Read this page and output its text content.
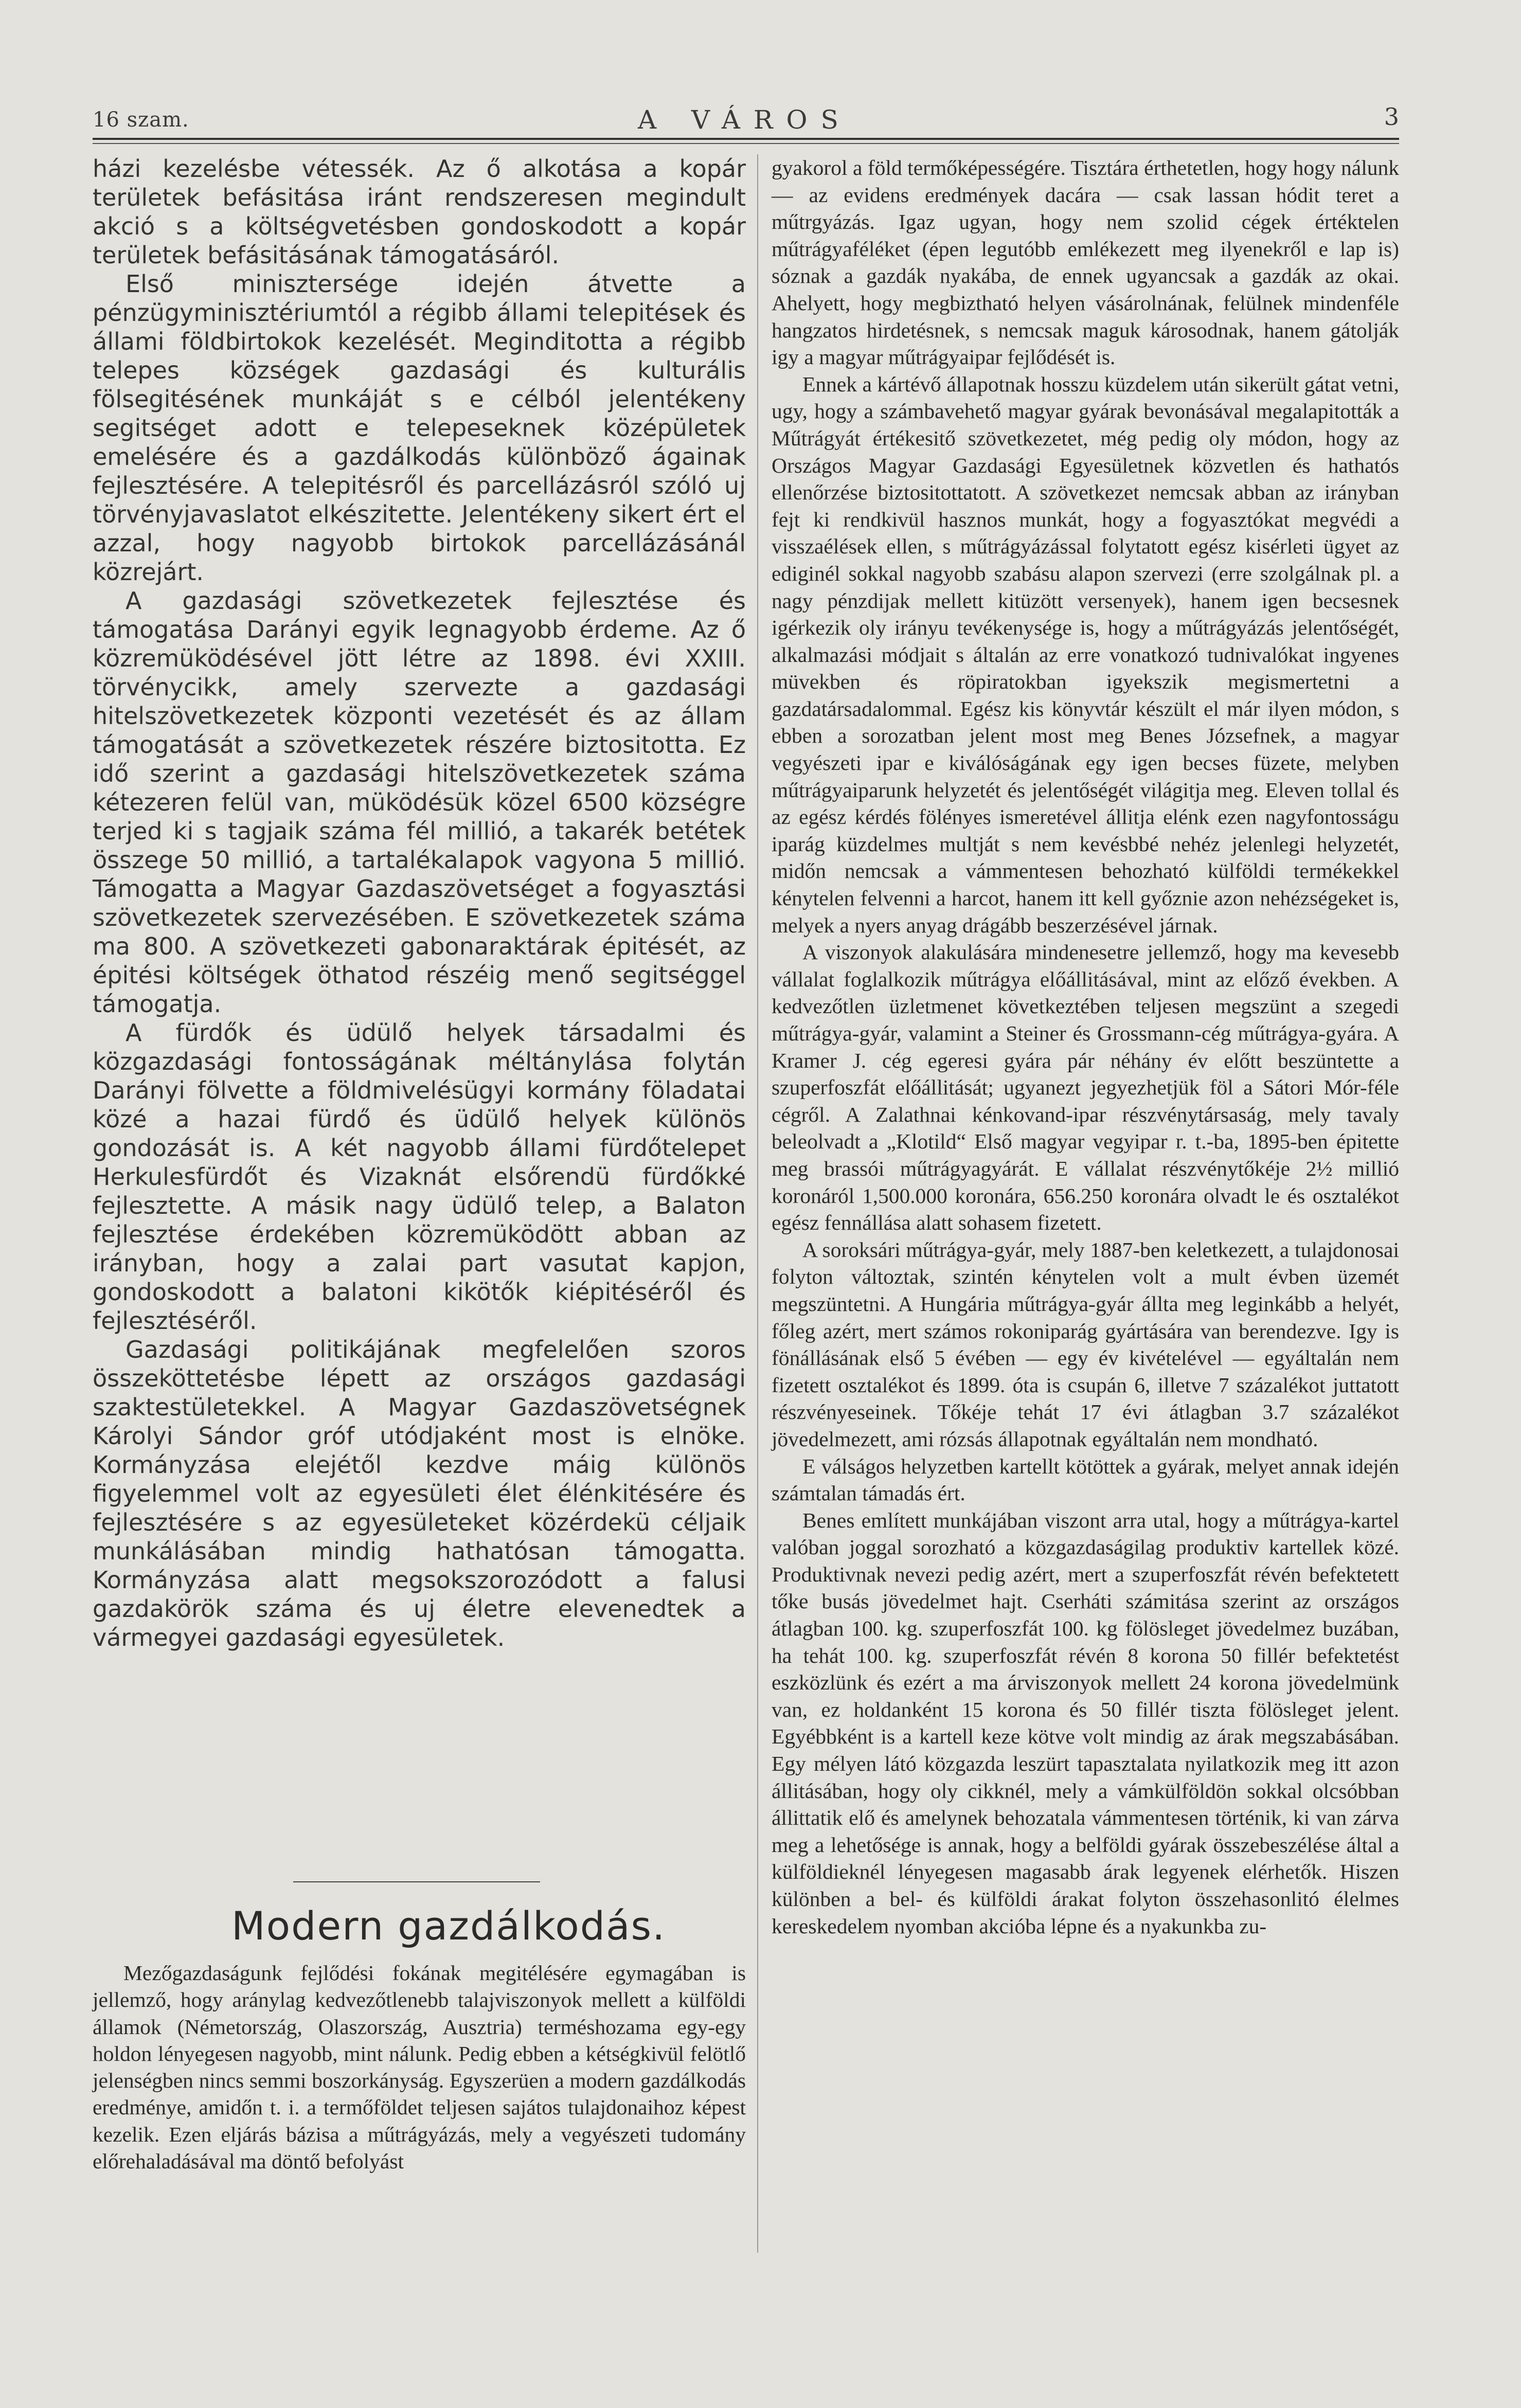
16 szam.	A VÁROS	3

házi kezelésbe vétessék. Az ő alkotása a kopár területek befásitása iránt rendszeresen megindult akció s a költségvetésben gondoskodott a kopár területek befásitásának támogatásáról.

Első minisztersége idején átvette a pénzügyminisztériumtól a régibb állami telepitések és állami földbirtokok kezelését. Meginditotta a régibb telepes községek gazdasági és kulturális fölsegitésének munkáját s e célból jelentékeny segitséget adott e telepeseknek középületek emelésére és a gazdálkodás különböző ágainak fejlesztésére. A telepitésről és parcellázásról szóló uj törvényjavaslatot elkészitette. Jelentékeny sikert ért el azzal, hogy nagyobb birtokok parcellázásánál közrejárt.

A gazdasági szövetkezetek fejlesztése és támogatása Darányi egyik legnagyobb érdeme. Az ő közremüködésével jött létre az 1898. évi XXIII. törvénycikk, amely szervezte a gazdasági hitelszövetkezetek központi vezetését és az állam támogatását a szövetkezetek részére biztositotta. Ez idő szerint a gazdasági hitelszövetkezetek száma kétezeren felül van, müködésük közel 6500 községre terjed ki s tagjaik száma fél millió, a takarék betétek összege 50 millió, a tartalékalapok vagyona 5 millió. Támogatta a Magyar Gazdaszövetséget a fogyasztási szövetkezetek szervezésében. E szövetkezetek száma ma 800. A szövetkezeti gabonaraktárak épitését, az épitési költségek öthatod részéig menő segitséggel támogatja.

A fürdők és üdülő helyek társadalmi és közgazdasági fontosságának méltánylása folytán Darányi fölvette a földmivelésügyi kormány föladatai közé a hazai fürdő és üdülő helyek különös gondozását is. A két nagyobb állami fürdőtelepet Herkulesfürdőt és Vizaknát elsőrendü fürdőkké fejlesztette. A másik nagy üdülő telep, a Balaton fejlesztése érdekében közremüködött abban az irányban, hogy a zalai part vasutat kapjon, gondoskodott a balatoni kikötők kiépitéséről és fejlesztéséről.

Gazdasági politikájának megfelelően szoros összeköttetésbe lépett az országos gazdasági szaktestületekkel. A Magyar Gazdaszövetségnek Károlyi Sándor gróf utódjaként most is elnöke. Kormányzása elejétől kezdve máig különös figyelemmel volt az egyesületi élet élénkitésére és fejlesztésére s az egyesületeket közérdekü céljaik munkálásában mindig hathatósan támogatta. Kormányzása alatt megsokszorozódott a falusi gazdakörök száma és uj életre elevenedtek a vármegyei gazdasági egyesületek.

Modern gazdálkodás.

Mezőgazdaságunk fejlődési fokának megitélésére egymagában is jellemző, hogy aránylag kedvezőtlenebb talajviszonyok mellett a külföldi államok (Németország, Olaszország, Ausztria) terméshozama egy-egy holdon lényegesen nagyobb, mint nálunk. Pedig ebben a kétségkivül felötlő jelenségben nincs semmi boszorkányság. Egyszerüen a modern gazdálkodás eredménye, amidőn t. i. a termőföldet teljesen sajátos tulajdonaihoz képest kezelik. Ezen eljárás bázisa a műtrágyázás, mely a vegyészeti tudomány előrehaladásával ma döntő befolyást

gyakorol a föld termőképességére. Tisztára érthetetlen, hogy hogy nálunk — az evidens eredmények dacára — csak lassan hódit teret a műtrgyázás. Igaz ugyan, hogy nem szolid cégek értéktelen műtrágyaféléket (épen legutóbb emlékezett meg ilyenekről e lap is) sóznak a gazdák nyakába, de ennek ugyancsak a gazdák az okai. Ahelyett, hogy megbiztható helyen vásárolnának, felülnek mindenféle hangzatos hirdetésnek, s nemcsak maguk károsodnak, hanem gátolják igy a magyar műtrágyaipar fejlődését is.

Ennek a kártévő állapotnak hosszu küzdelem után sikerült gátat vetni, ugy, hogy a számbavehető magyar gyárak bevonásával megalapitották a Műtrágyát értékesitő szövetkezetet, még pedig oly módon, hogy az Országos Magyar Gazdasági Egyesületnek közvetlen és hathatós ellenőrzése biztositottatott. A szövetkezet nemcsak abban az irányban fejt ki rendkivül hasznos munkát, hogy a fogyasztókat megvédi a visszaélések ellen, s műtrágyázással folytatott egész kisérleti ügyet az ediginél sokkal nagyobb szabásu alapon szervezi (erre szolgálnak pl. a nagy pénzdijak mellett kitüzött versenyek), hanem igen becsesnek igérkezik oly irányu tevékenysége is, hogy a műtrágyázás jelentőségét, alkalmazási módjait s általán az erre vonatkozó tudnivalókat ingyenes müvekben és röpiratokban igyekszik megismertetni a gazdatársadalommal. Egész kis könyvtár készült el már ilyen módon, s ebben a sorozatban jelent most meg Benes Józsefnek, a magyar vegyészeti ipar e kiválóságának egy igen becses füzete, melyben műtrágyaiparunk helyzetét és jelentőségét világitja meg. Eleven tollal és az egész kérdés fölényes ismeretével állitja elénk ezen nagyfontosságu iparág küzdelmes multját s nem kevésbbé nehéz jelenlegi helyzetét, midőn nemcsak a vámmentesen behozható külföldi termékekkel kénytelen felvenni a harcot, hanem itt kell győznie azon nehézségeket is, melyek a nyers anyag drágább beszerzésével járnak.

A viszonyok alakulására mindenesetre jellemző, hogy ma kevesebb vállalat foglalkozik műtrágya előállitásával, mint az előző években. A kedvezőtlen üzletmenet következtében teljesen megszünt a szegedi műtrágya-gyár, valamint a Steiner és Grossmann-cég műtrágya-gyára. A Kramer J. cég egeresi gyára pár néhány év előtt beszüntette a szuperfoszfát előállitását; ugyanezt jegyezhetjük föl a Sátori Mór-féle cégről. A Zalathnai kénkovand-ipar részvénytársaság, mely tavaly beleolvadt a „Klotild“ Első magyar vegyipar r. t.-ba, 1895-ben épitette meg brassói műtrágyagyárát. E vállalat részvénytőkéje 2½ millió koronáról 1,500.000 koronára, 656.250 koronára olvadt le és osztalékot egész fennállása alatt sohasem fizetett.

A soroksári műtrágya-gyár, mely 1887-ben keletkezett, a tulajdonosai folyton változtak, szintén kénytelen volt a mult évben üzemét megszüntetni. A Hungária műtrágya-gyár állta meg leginkább a helyét, főleg azért, mert számos rokoniparág gyártására van berendezve. Igy is fönállásának első 5 évében — egy év kivételével — egyáltalán nem fizetett osztalékot és 1899. óta is csupán 6, illetve 7 százalékot juttatott részvényeseinek. Tőkéje tehát 17 évi átlagban 3.7 százalékot jövedelmezett, ami rózsás állapotnak egyáltalán nem mondható.

E válságos helyzetben kartellt kötöttek a gyárak, melyet annak idején számtalan támadás ért.

Benes említett munkájában viszont arra utal, hogy a műtrágya-kartel valóban joggal sorozható a közgazdaságilag produktiv kartellek közé. Produktivnak nevezi pedig azért, mert a szuperfoszfát révén befektetett tőke busás jövedelmet hajt. Cserháti számitása szerint az országos átlagban 100. kg. szuperfoszfát 100. kg fölösleget jövedelmez buzában, ha tehát 100. kg. szuperfoszfát révén 8 korona 50 fillér befektetést eszközlünk és ezért a ma árviszonyok mellett 24 korona jövedelmünk van, ez holdanként 15 korona és 50 fillér tiszta fölösleget jelent. Egyébbként is a kartell keze kötve volt mindig az árak megszabásában. Egy mélyen látó közgazda leszürt tapasztalata nyilatkozik meg itt azon állitásában, hogy oly cikknél, mely a vámkülföldön sokkal olcsóbban állittatik elő és amelynek behozatala vámmentesen történik, ki van zárva meg a lehetősége is annak, hogy a belföldi gyárak összebeszélése által a külföldieknél lényegesen magasabb árak legyenek elérhetők. Hiszen különben a bel- és külföldi árakat folyton összehasonlitó élelmes kereskedelem nyomban akcióba lépne és a nyakunkba zu-
